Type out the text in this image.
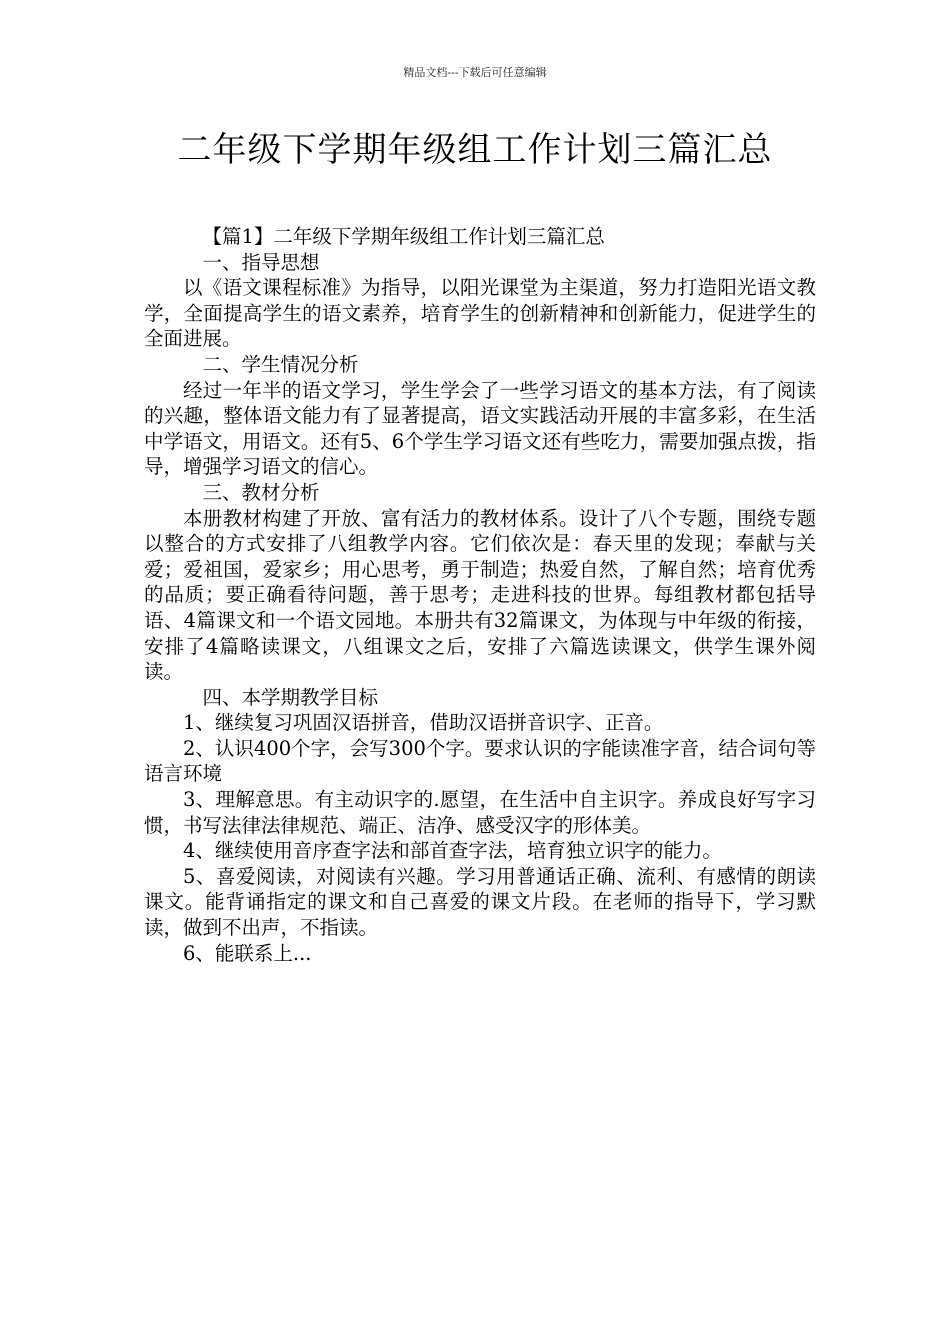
精品文档---下载后可任意编辑
二年级下学期年级组工作计划三篇汇总

【篇1】二年级下学期年级组工作计划三篇汇总

一、指导思想

以《语文课程标准》为指导，以阳光课堂为主渠道，努力打造阳光语文教学，全面提高学生的语文素养，培育学生的创新精神和创新能力，促进学生的全面进展。

二、学生情况分析

经过一年半的语文学习，学生学会了一些学习语文的基本方法，有了阅读的兴趣，整体语文能力有了显著提高，语文实践活动开展的丰富多彩，在生活中学语文，用语文。还有5、6个学生学习语文还有些吃力，需要加强点拨，指导，增强学习语文的信心。

三、教材分析

本册教材构建了开放、富有活力的教材体系。设计了八个专题，围绕专题以整合的方式安排了八组教学内容。它们依次是：春天里的发现；奉献与关爱；爱祖国，爱家乡；用心思考，勇于制造；热爱自然，了解自然；培育优秀的品质；要正确看待问题，善于思考；走进科技的世界。每组教材都包括导语、4篇课文和一个语文园地。本册共有32篇课文，为体现与中年级的衔接，安排了4篇略读课文，八组课文之后，安排了六篇选读课文，供学生课外阅读。

四、本学期教学目标

1、继续复习巩固汉语拼音，借助汉语拼音识字、正音。

2、认识400个字，会写300个字。要求认识的字能读准字音，结合词句等语言环境

3、理解意思。有主动识字的.愿望，在生活中自主识字。养成良好写字习惯，书写法律法律规范、端正、洁净、感受汉字的形体美。

4、继续使用音序查字法和部首查字法，培育独立识字的能力。

5、喜爱阅读，对阅读有兴趣。学习用普通话正确、流利、有感情的朗读课文。能背诵指定的课文和自己喜爱的课文片段。在老师的指导下，学习默读，做到不出声，不指读。

6、能联系上...
